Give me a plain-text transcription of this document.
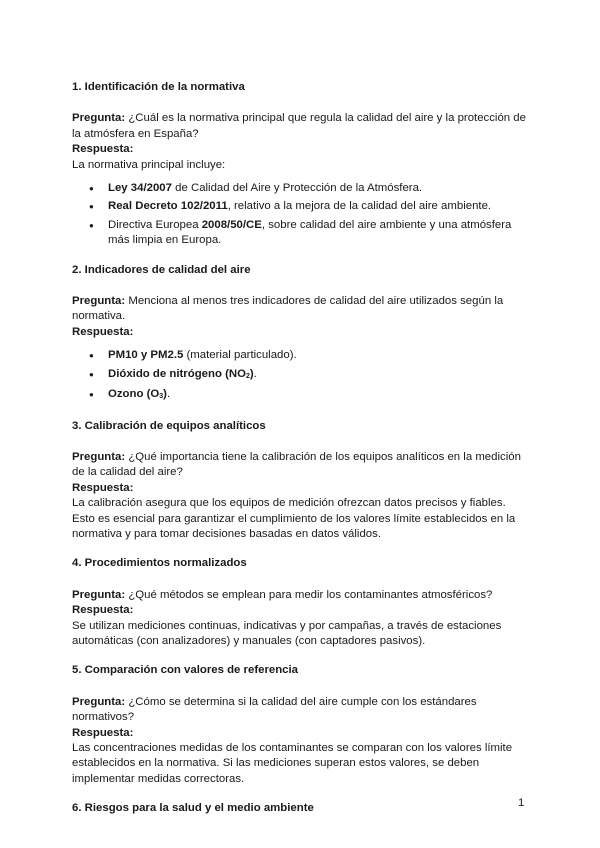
1. Identificación de la normativa

Pregunta: ¿Cuál es la normativa principal que regula la calidad del aire y la protección de la atmósfera en España?

Respuesta:

La normativa principal incluye:

● Ley 34/2007 de Calidad del Aire y Protección de la Atmósfera.
● Real Decreto 102/2011, relativo a la mejora de la calidad del aire ambiente.
● Directiva Europea 2008/50/CE, sobre calidad del aire ambiente y una atmósfera más limpia en Europa.
2. Indicadores de calidad del aire

Pregunta: Menciona al menos tres indicadores de calidad del aire utilizados según la normativa.

Respuesta:

● PM10 y PM2.5 (material particulado).
● Dióxido de nitrógeno (NO2).
● Ozono (O3).
3. Calibración de equipos analíticos

Pregunta: ¿Qué importancia tiene la calibración de los equipos analíticos en la medición de la calidad del aire?

Respuesta:

La calibración asegura que los equipos de medición ofrezcan datos precisos y fiables. Esto es esencial para garantizar el cumplimiento de los valores límite establecidos en la normativa y para tomar decisiones basadas en datos válidos.

4. Procedimientos normalizados

Pregunta: ¿Qué métodos se emplean para medir los contaminantes atmosféricos?

Respuesta:

Se utilizan mediciones continuas, indicativas y por campañas, a través de estaciones automáticas (con analizadores) y manuales (con captadores pasivos).

5. Comparación con valores de referencia

Pregunta: ¿Cómo se determina si la calidad del aire cumple con los estándares normativos?

Respuesta:

Las concentraciones medidas de los contaminantes se comparan con los valores límite establecidos en la normativa. Si las mediciones superan estos valores, se deben implementar medidas correctoras.

6. Riesgos para la salud y el medio ambiente	1
